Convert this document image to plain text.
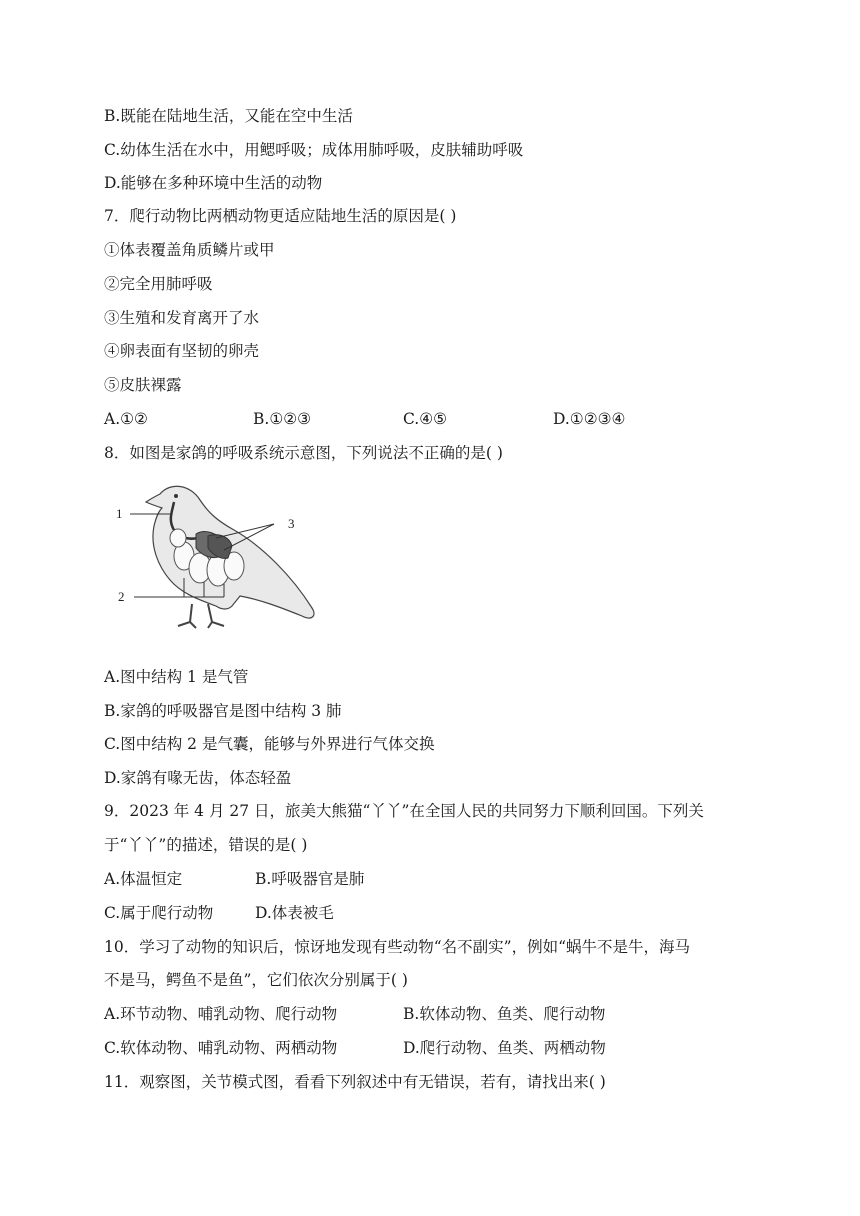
B.既能在陆地生活，又能在空中生活
C.幼体生活在水中，用鳃呼吸；成体用肺呼吸，皮肤辅助呼吸
D.能够在多种环境中生活的动物
7．爬行动物比两栖动物更适应陆地生活的原因是( )
①体表覆盖角质鳞片或甲
②完全用肺呼吸
③生殖和发育离开了水
④卵表面有坚韧的卵壳
⑤皮肤裸露
A.①②	B.①②③	C.④⑤	D.①②③④
8．如图是家鸽的呼吸系统示意图，下列说法不正确的是( )
1
2
3
A.图中结构 1 是气管
B.家鸽的呼吸器官是图中结构 3 肺
C.图中结构 2 是气囊，能够与外界进行气体交换
D.家鸽有喙无齿，体态轻盈
9．2023 年 4 月 27 日，旅美大熊猫“丫丫”在全国人民的共同努力下顺利回国。下列关
于“丫丫”的描述，错误的是( )
A.体温恒定	B.呼吸器官是肺
C.属于爬行动物	D.体表被毛
10．学习了动物的知识后，惊讶地发现有些动物“名不副实”，例如“蜗牛不是牛，海马
不是马，鳄鱼不是鱼”，它们依次分别属于( )
A.环节动物、哺乳动物、爬行动物	B.软体动物、鱼类、爬行动物
C.软体动物、哺乳动物、两栖动物	D.爬行动物、鱼类、两栖动物
11．观察图，关节模式图，看看下列叙述中有无错误，若有，请找出来( )
